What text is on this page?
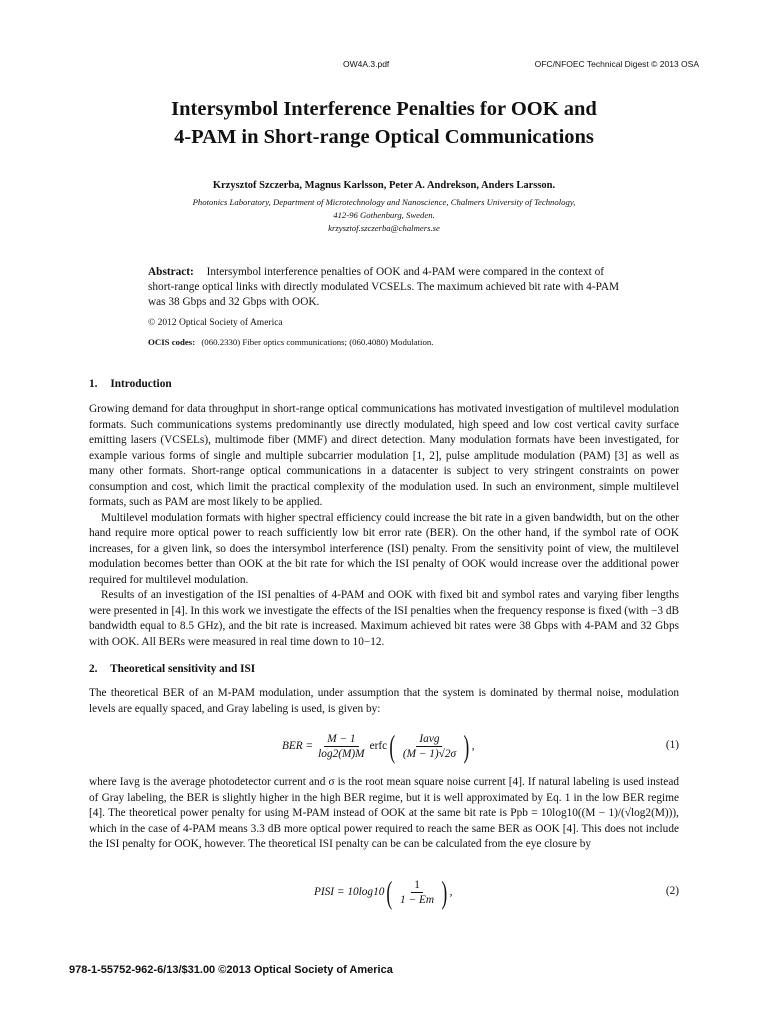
OW4A.3.pdf	OFC/NFOEC Technical Digest © 2013 OSA
Intersymbol Interference Penalties for OOK and
4-PAM in Short-range Optical Communications
Krzysztof Szczerba, Magnus Karlsson, Peter A. Andrekson, Anders Larsson.
Photonics Laboratory, Department of Microtechnology and Nanoscience, Chalmers University of Technology,
412-96 Gothenburg, Sweden.
krzysztof.szczerba@chalmers.se
Abstract: Intersymbol interference penalties of OOK and 4-PAM were compared in the context of short-range optical links with directly modulated VCSELs. The maximum achieved bit rate with 4-PAM was 38 Gbps and 32 Gbps with OOK.
© 2012 Optical Society of America
OCIS codes: (060.2330) Fiber optics communications; (060.4080) Modulation.
1. Introduction

Growing demand for data throughput in short-range optical communications has motivated investigation of multilevel modulation formats. Such communications systems predominantly use directly modulated, high speed and low cost vertical cavity surface emitting lasers (VCSELs), multimode fiber (MMF) and direct detection. Many modulation formats have been investigated, for example various forms of single and multiple subcarrier modulation [1, 2], pulse amplitude modulation (PAM) [3] as well as many other formats. Short-range optical communications in a datacenter is subject to very stringent constraints on power consumption and cost, which limit the practical complexity of the modulation used. In such an environment, simple multilevel formats, such as PAM are most likely to be applied.

Multilevel modulation formats with higher spectral efficiency could increase the bit rate in a given bandwidth, but on the other hand require more optical power to reach sufficiently low bit error rate (BER). On the other hand, if the symbol rate of OOK increases, for a given link, so does the intersymbol interference (ISI) penalty. From the sensitivity point of view, the multilevel modulation becomes better than OOK at the bit rate for which the ISI penalty of OOK would increase over the additional power required for multilevel modulation.

Results of an investigation of the ISI penalties of 4-PAM and OOK with fixed bit and symbol rates and varying fiber lengths were presented in [4]. In this work we investigate the effects of the ISI penalties when the frequency response is fixed (with −3 dB bandwidth equal to 8.5 GHz), and the bit rate is increased. Maximum achieved bit rates were 38 Gbps with 4-PAM and 32 Gbps with OOK. All BERs were measured in real time down to 10−12.

2. Theoretical sensitivity and ISI

The theoretical BER of an M-PAM modulation, under assumption that the system is dominated by thermal noise, modulation levels are equally spaced, and Gray labeling is used, is given by:

BER = $\frac{M - 1}{\log 2(M)M}$ erfc ( $\frac{\text{Iavg}}{(M - 1)√2\sigma}$ ) ,	(1)

where Iavg is the average photodetector current and σ is the root mean square noise current [4]. If natural labeling is used instead of Gray labeling, the BER is slightly higher in the high BER regime, but it is well approximated by Eq. 1 in the low BER regime [4]. The theoretical power penalty for using M-PAM instead of OOK at the same bit rate is Ppb = 10log10((M − 1)/(√log2(M))), which in the case of 4-PAM means 3.3 dB more optical power required to reach the same BER as OOK [4]. This does not include the ISI penalty for OOK, however. The theoretical ISI penalty can be can be calculated from the eye closure by

PISI = 10log10 ( $\frac{1}{1 - Em}$ ) ,	(2)
978-1-55752-962-6/13/$31.00 ©2013 Optical Society of America
